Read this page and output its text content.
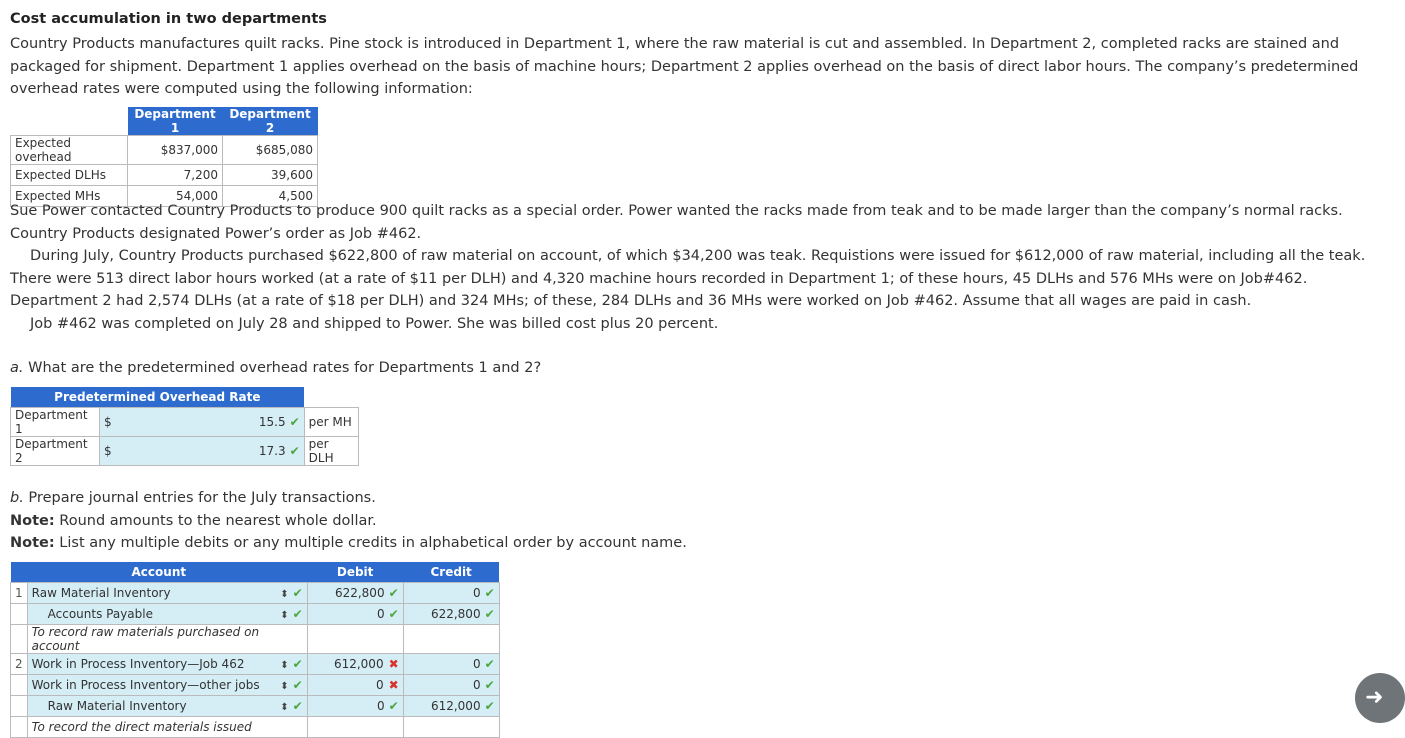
Cost accumulation in two departments
Country Products manufactures quilt racks. Pine stock is introduced in Department 1, where the raw material is cut and assembled. In Department 2, completed racks are stained and packaged for shipment. Department 1 applies overhead on the basis of machine hours; Department 2 applies overhead on the basis of direct labor hours. The company’s predetermined overhead rates were computed using the following information:
	Department 1	Department 2
Expected overhead	$837,000	$685,080
Expected DLHs	7,200	39,600
Expected MHs	54,000	4,500
Sue Power contacted Country Products to produce 900 quilt racks as a special order. Power wanted the racks made from teak and to be made larger than the company’s normal racks. Country Products designated Power’s order as Job #462.
During July, Country Products purchased $622,800 of raw material on account, of which $34,200 was teak. Requistions were issued for $612,000 of raw material, including all the teak. There were 513 direct labor hours worked (at a rate of $11 per DLH) and 4,320 machine hours recorded in Department 1; of these hours, 45 DLHs and 576 MHs were on Job#462. Department 2 had 2,574 DLHs (at a rate of $18 per DLH) and 324 MHs; of these, 284 DLHs and 36 MHs were worked on Job #462. Assume that all wages are paid in cash.
Job #462 was completed on July 28 and shipped to Power. She was billed cost plus 20 percent.
a. What are the predetermined overhead rates for Departments 1 and 2?
Predetermined Overhead Rate			
Department 1	$	15.5 ✔	per MH
Department 2	$	17.3 ✔	per DLH
b. Prepare journal entries for the July transactions.
Note: Round amounts to the nearest whole dollar.
Note: List any multiple debits or any multiple credits in alphabetical order by account name.
Account			Debit	Credit
1	Raw Material Inventory	⬍ ✔	622,800 ✔	0 ✔
	Accounts Payable	⬍ ✔	0 ✔	622,800 ✔
	To record raw materials purchased on account			
2	Work in Process Inventory—Job 462	⬍ ✔	612,000 ✖	0 ✔
	Work in Process Inventory—other jobs	⬍ ✔	0 ✖	0 ✔
	Raw Material Inventory	⬍ ✔	0 ✔	612,000 ✔
	To record the direct materials issued			
➜
